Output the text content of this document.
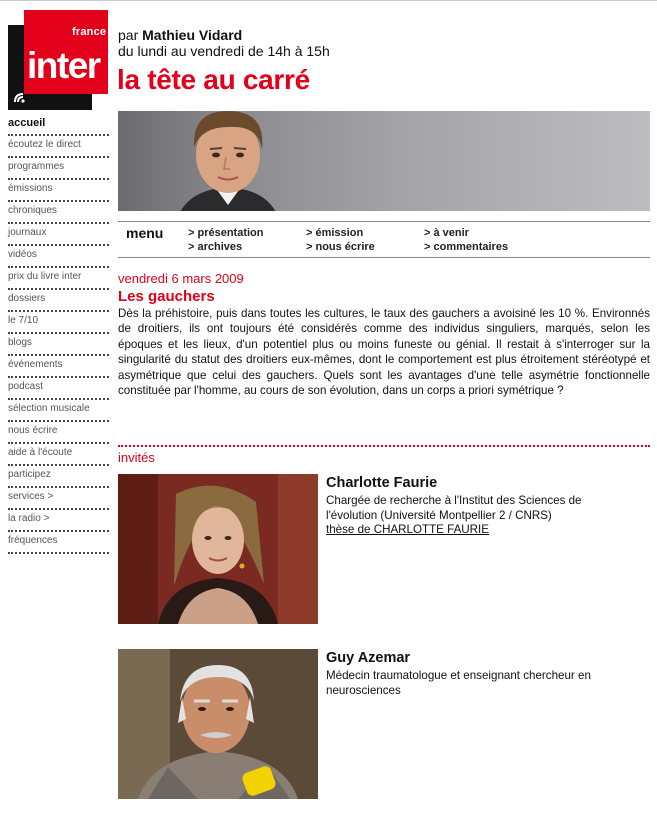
france
inter
par Mathieu Vidard
du lundi au vendredi de 14h à 15h
la tête au carré
accueil
écoutez le direct
programmes
émissions
chroniques
journaux
vidéos
prix du livre inter
dossiers
le 7/10
blogs
événements
podcast
sélection musicale
nous écrire
aide à l'écoute
participez
services >
la radio >
fréquences
menu > présentation
> archives
> émission
> nous écrire
> à venir
> commentaires
vendredi 6 mars 2009
Les gauchers
Dès la préhistoire, puis dans toutes les cultures, le taux des gauchers a avoisiné les 10 %. Environnés de droitiers, ils ont toujours été considérés comme des individus singuliers, marqués, selon les époques et les lieux, d'un potentiel plus ou moins funeste ou génial. Il restait à s'interroger sur la singularité du statut des droitiers eux-mêmes, dont le comportement est plus étroitement stéréotypé et asymétrique que celui des gauchers. Quels sont les avantages d'une telle asymétrie fonctionnelle constituée par l'homme, au cours de son évolution, dans un corps a priori symétrique ?
invités
Charlotte Faurie
Chargée de recherche à l'Institut des Sciences de l'évolution (Université Montpellier 2 / CNRS)
thèse de CHARLOTTE FAURIE
Guy Azemar
Médecin traumatologue et enseignant chercheur en neurosciences
